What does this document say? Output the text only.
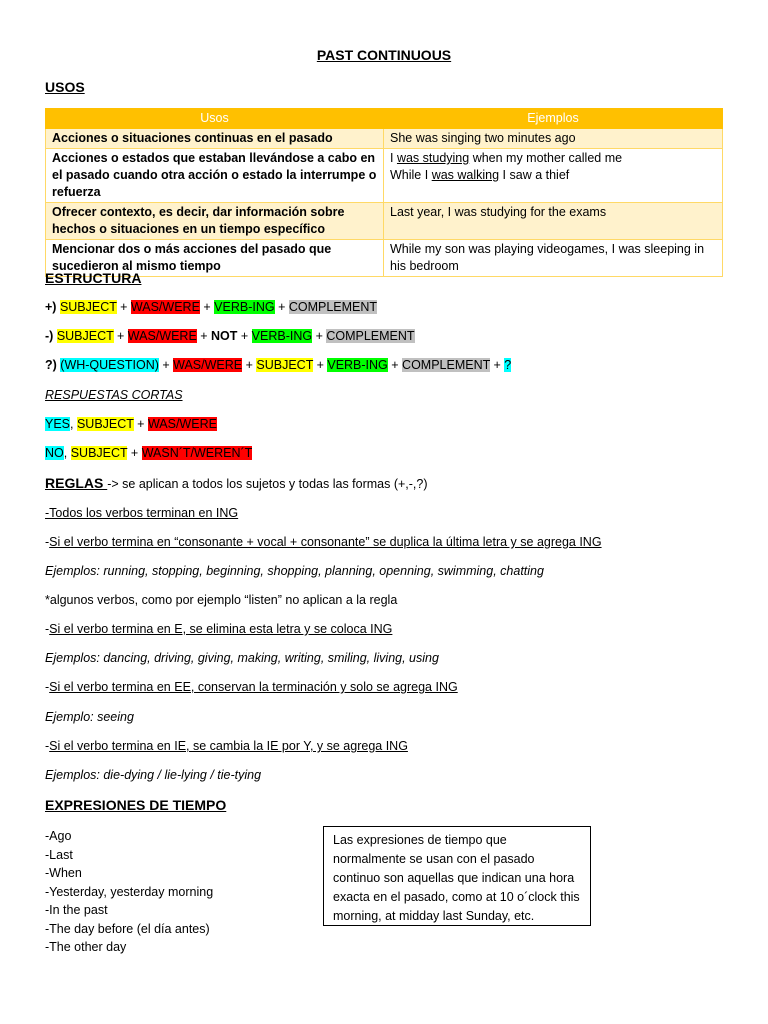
PAST CONTINUOUS
USOS
Usos	Ejemplos
Acciones o situaciones continuas en el pasado	She was singing two minutes ago
Acciones o estados que estaban llevándose a cabo en el pasado cuando otra acción o estado la interrumpe o refuerza	I was studying when my mother called me
While I was walking I saw a thief
Ofrecer contexto, es decir, dar información sobre hechos o situaciones en un tiempo específico	Last year, I was studying for the exams
Mencionar dos o más acciones del pasado que sucedieron al mismo tiempo	While my son was playing videogames, I was sleeping in his bedroom
ESTRUCTURA
+) SUBJECT + WAS/WERE + VERB-ING + COMPLEMENT
-) SUBJECT + WAS/WERE + NOT + VERB-ING + COMPLEMENT
?) (WH-QUESTION) + WAS/WERE + SUBJECT + VERB-ING + COMPLEMENT + ?
RESPUESTAS CORTAS
YES, SUBJECT + WAS/WERE
NO, SUBJECT + WASN´T/WEREN´T
REGLAS -> se aplican a todos los sujetos y todas las formas (+,-,?)
-Todos los verbos terminan en ING
-Si el verbo termina en “consonante + vocal + consonante” se duplica la última letra y se agrega ING
Ejemplos: running, stopping, beginning, shopping, planning, openning, swimming, chatting
*algunos verbos, como por ejemplo “listen” no aplican a la regla
-Si el verbo termina en E, se elimina esta letra y se coloca ING
Ejemplos: dancing, driving, giving, making, writing, smiling, living, using
-Si el verbo termina en EE, conservan la terminación y solo se agrega ING
Ejemplo: seeing
-Si el verbo termina en IE, se cambia la IE por Y, y se agrega ING
Ejemplos: die-dying / lie-lying / tie-tying
EXPRESIONES DE TIEMPO
-Ago
-Last
-When
-Yesterday, yesterday morning
-In the past
-The day before (el día antes)
-The other day
Las expresiones de tiempo que normalmente se usan con el pasado continuo son aquellas que indican una hora exacta en el pasado, como at 10 o´clock this morning, at midday last Sunday, etc.
